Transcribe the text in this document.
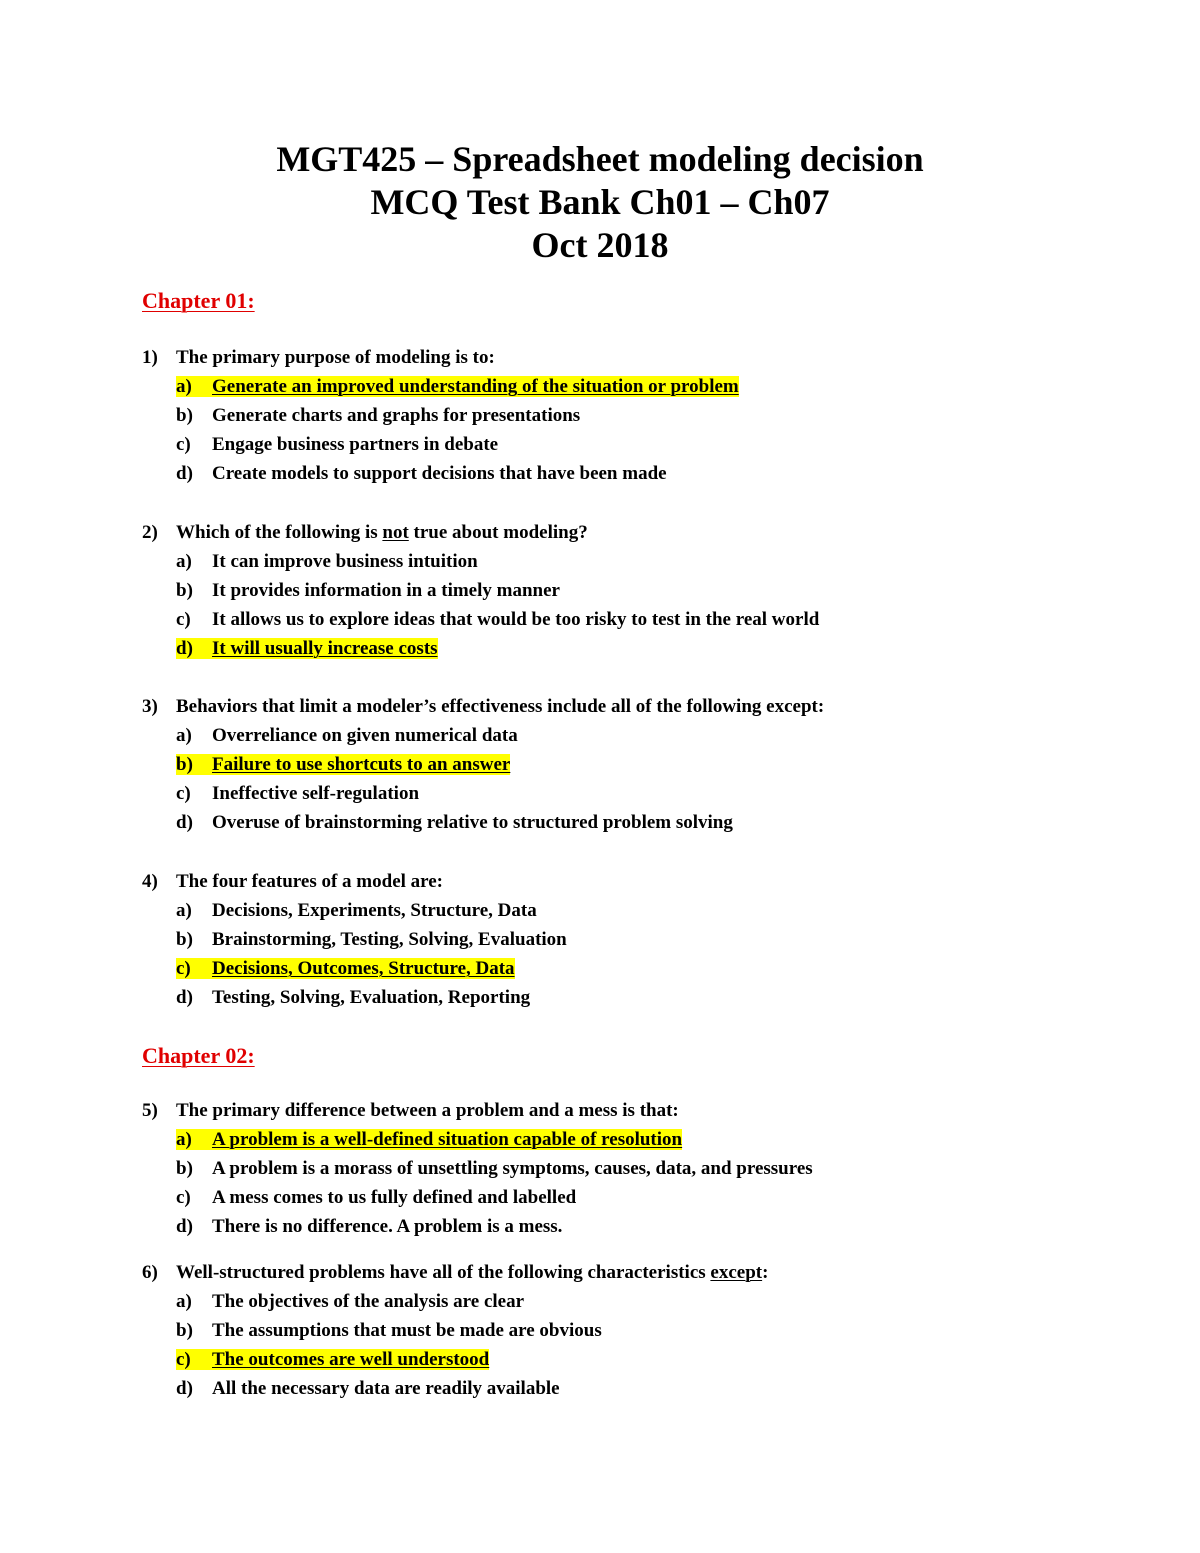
MGT425 – Spreadsheet modeling decision
MCQ Test Bank Ch01 – Ch07
Oct 2018
Chapter 01:
1) The primary purpose of modeling is to:
a) Generate an improved understanding of the situation or problem
b) Generate charts and graphs for presentations
c) Engage business partners in debate
d) Create models to support decisions that have been made
2) Which of the following is not true about modeling?
a) It can improve business intuition
b) It provides information in a timely manner
c) It allows us to explore ideas that would be too risky to test in the real world
d) It will usually increase costs
3) Behaviors that limit a modeler’s effectiveness include all of the following except:
a) Overreliance on given numerical data
b) Failure to use shortcuts to an answer
c) Ineffective self-regulation
d) Overuse of brainstorming relative to structured problem solving
4) The four features of a model are:
a) Decisions, Experiments, Structure, Data
b) Brainstorming, Testing, Solving, Evaluation
c) Decisions, Outcomes, Structure, Data
d) Testing, Solving, Evaluation, Reporting
Chapter 02:
5) The primary difference between a problem and a mess is that:
a) A problem is a well-defined situation capable of resolution
b) A problem is a morass of unsettling symptoms, causes, data, and pressures
c) A mess comes to us fully defined and labelled
d) There is no difference. A problem is a mess.
6) Well-structured problems have all of the following characteristics except:
a) The objectives of the analysis are clear
b) The assumptions that must be made are obvious
c) The outcomes are well understood
d) All the necessary data are readily available
